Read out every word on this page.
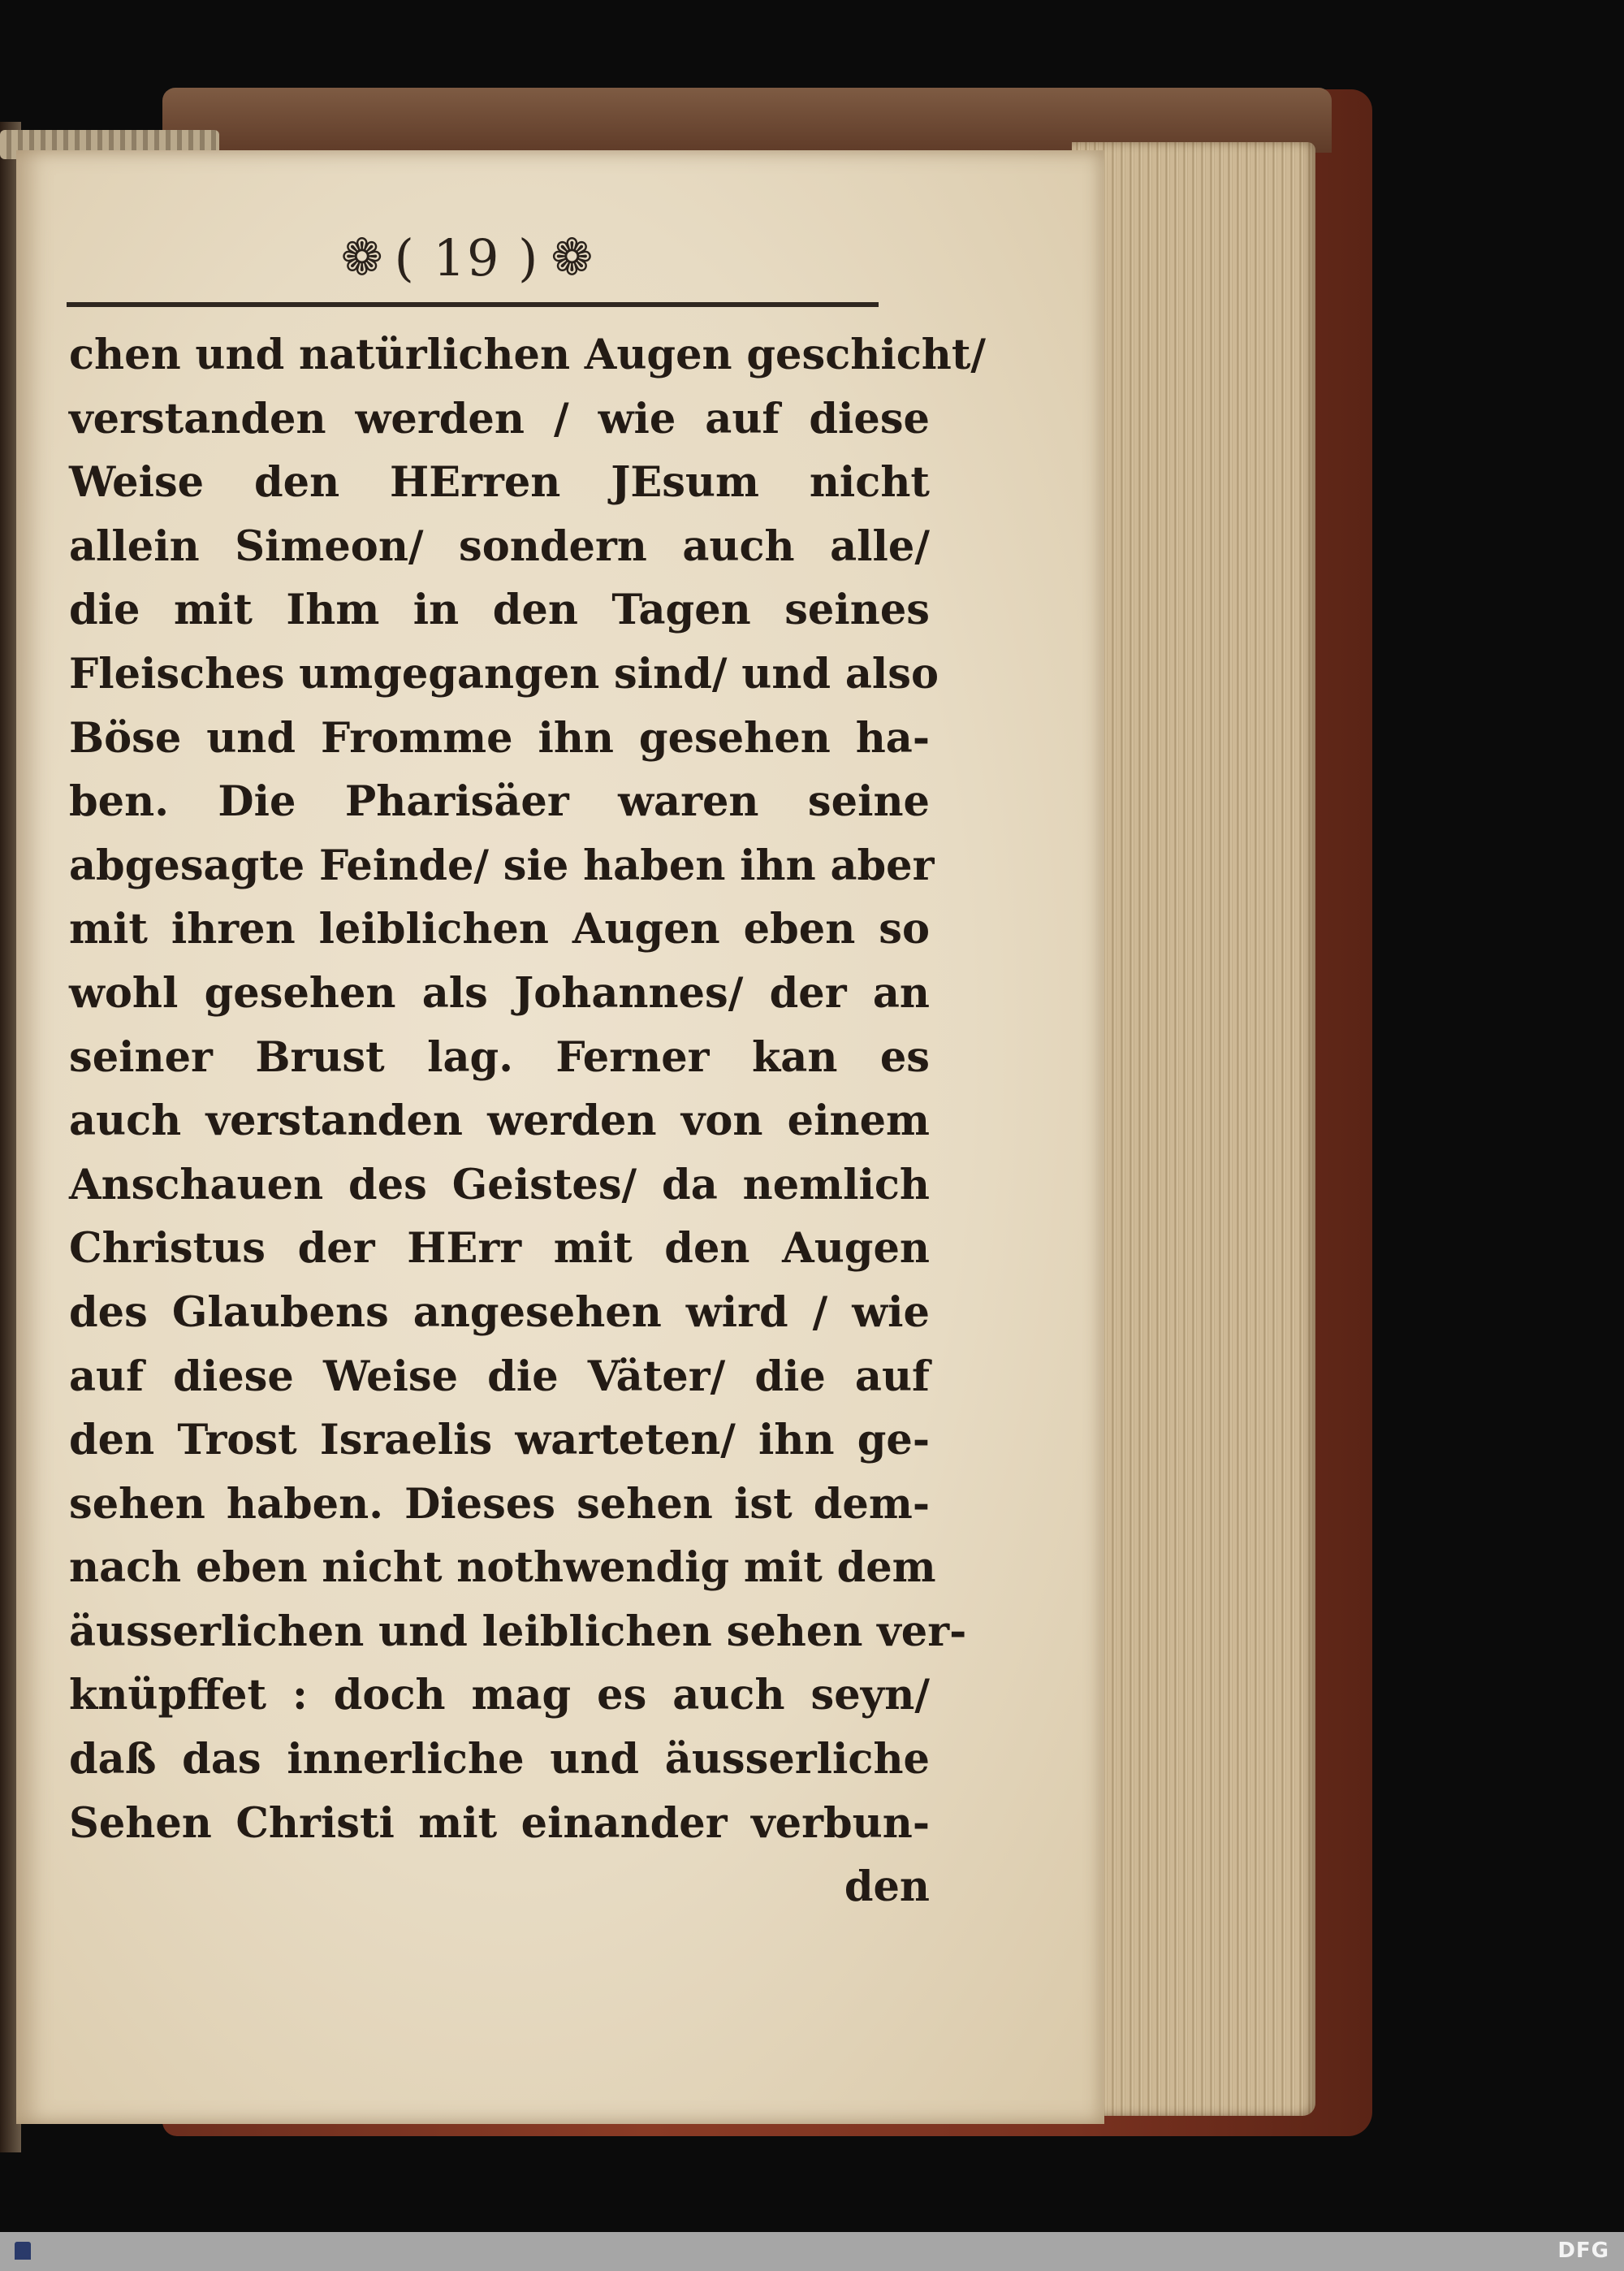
❁ ( 19 ) ❁
chen und natürlichen Augen geschicht/
verstanden werden / wie auf diese
Weise den HErren JEsum nicht
allein Simeon/ sondern auch alle/
die mit Ihm in den Tagen seines
Fleisches umgegangen sind/ und also
Böse und Fromme ihn gesehen ha-
ben. Die Pharisäer waren seine
abgesagte Feinde/ sie haben ihn aber
mit ihren leiblichen Augen eben so
wohl gesehen als Johannes/ der an
seiner Brust lag. Ferner kan es
auch verstanden werden von einem
Anschauen des Geistes/ da nemlich
Christus der HErr mit den Augen
des Glaubens angesehen wird / wie
auf diese Weise die Väter/ die auf
den Trost Israelis warteten/ ihn ge-
sehen haben. Dieses sehen ist dem-
nach eben nicht nothwendig mit dem
äusserlichen und leiblichen sehen ver-
knüpffet : doch mag es auch seyn/
daß das innerliche und äusserliche
Sehen Christi mit einander verbun-
den
DFG
